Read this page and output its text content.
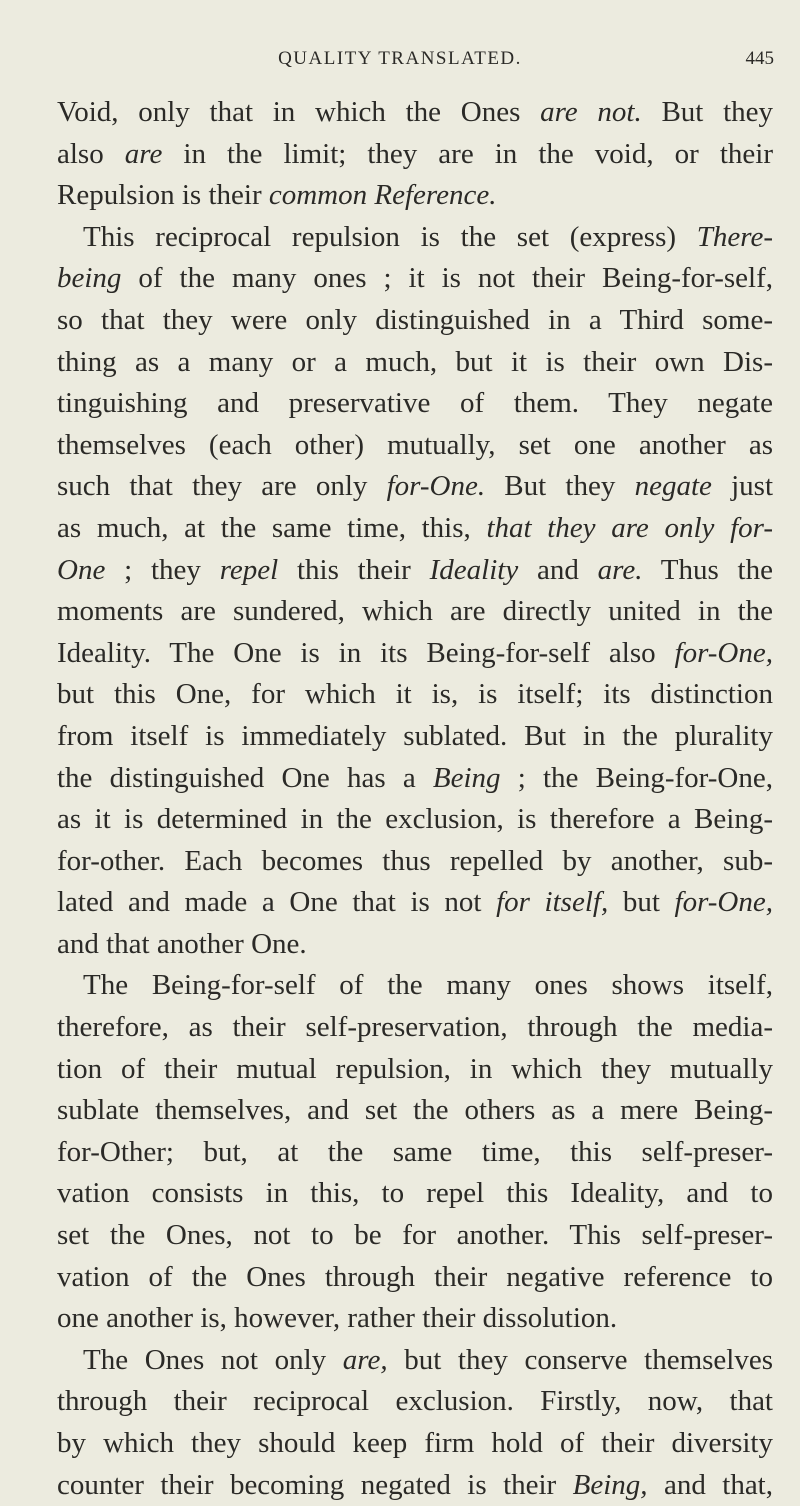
QUALITY TRANSLATED.	445
Void, only that in which the Ones are not. But they
also are in the limit; they are in the void, or their
Repulsion is their common Reference.
This reciprocal repulsion is the set (express) There-
being of the many ones ; it is not their Being-for-self,
so that they were only distinguished in a Third some-
thing as a many or a much, but it is their own Dis-
tinguishing and preservative of them. They negate
themselves (each other) mutually, set one another as
such that they are only for-One. But they negate just
as much, at the same time, this, that they are only for-
One ; they repel this their Ideality and are. Thus the
moments are sundered, which are directly united in the
Ideality. The One is in its Being-for-self also for-One,
but this One, for which it is, is itself; its distinction
from itself is immediately sublated. But in the plurality
the distinguished One has a Being ; the Being-for-One,
as it is determined in the exclusion, is therefore a Being-
for-other. Each becomes thus repelled by another, sub-
lated and made a One that is not for itself, but for-One,
and that another One.
The Being-for-self of the many ones shows itself,
therefore, as their self-preservation, through the media-
tion of their mutual repulsion, in which they mutually
sublate themselves, and set the others as a mere Being-
for-Other; but, at the same time, this self-preser-
vation consists in this, to repel this Ideality, and to
set the Ones, not to be for another. This self-preser-
vation of the Ones through their negative reference to
one another is, however, rather their dissolution.
The Ones not only are, but they conserve themselves
through their reciprocal exclusion. Firstly, now, that
by which they should keep firm hold of their diversity
counter their becoming negated is their Being, and that,
